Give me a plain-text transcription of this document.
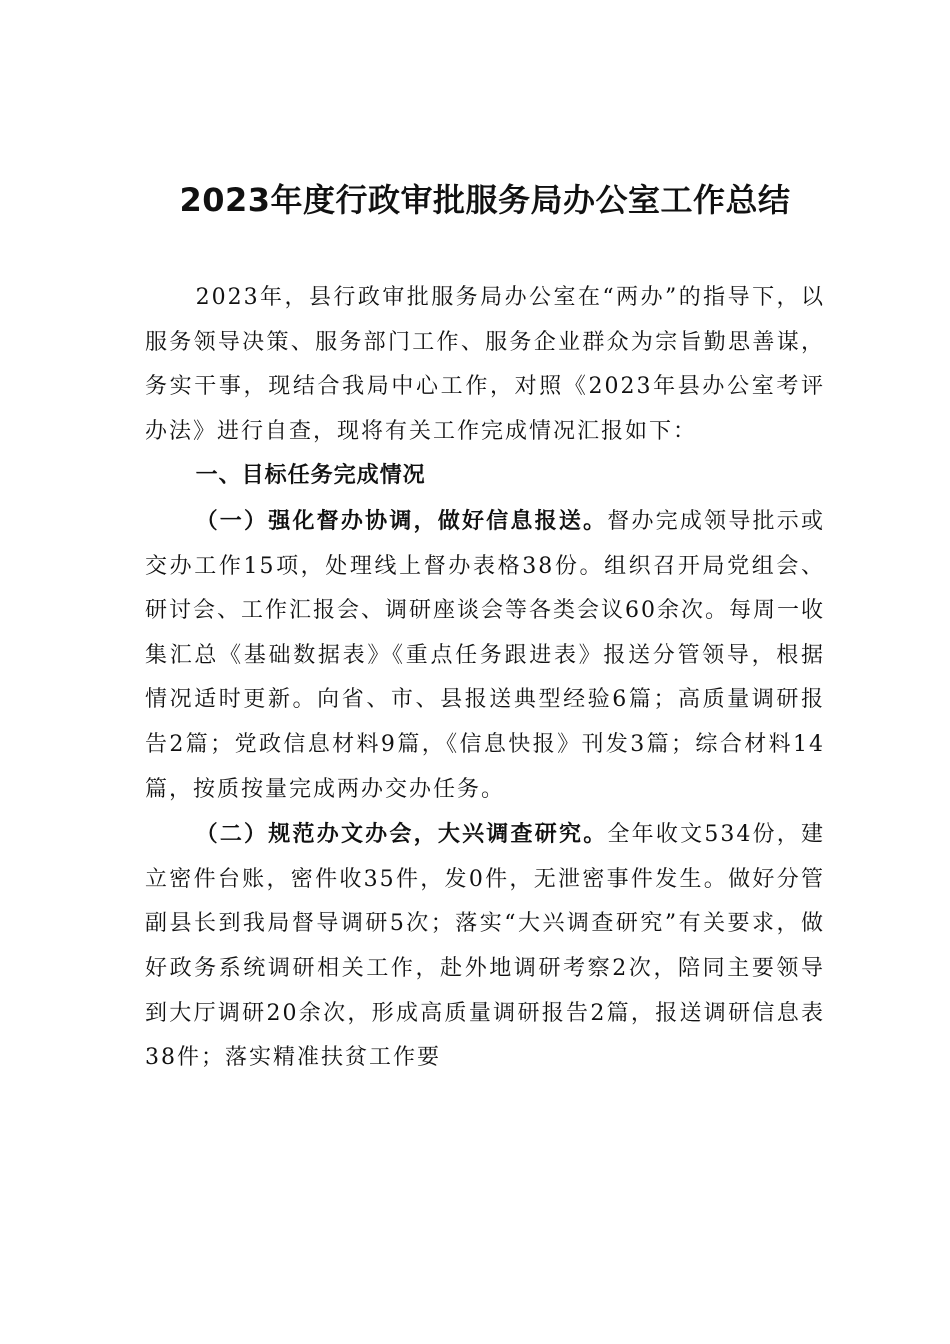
2023年度行政审批服务局办公室工作总结

2023年，县行政审批服务局办公室在“两办”的指导下，以服务领导决策、服务部门工作、服务企业群众为宗旨勤思善谋，务实干事，现结合我局中心工作，对照《2023年县办公室考评办法》进行自查，现将有关工作完成情况汇报如下：

一、目标任务完成情况

（一）强化督办协调，做好信息报送。督办完成领导批示或交办工作15项，处理线上督办表格38份。组织召开局党组会、研讨会、工作汇报会、调研座谈会等各类会议60余次。每周一收集汇总《基础数据表》《重点任务跟进表》报送分管领导，根据情况适时更新。向省、市、县报送典型经验6篇；高质量调研报告2篇；党政信息材料9篇，《信息快报》刊发3篇；综合材料14篇，按质按量完成两办交办任务。

（二）规范办文办会，大兴调查研究。全年收文534份，建立密件台账，密件收35件，发0件，无泄密事件发生。做好分管副县长到我局督导调研5次；落实“大兴调查研究”有关要求，做好政务系统调研相关工作，赴外地调研考察2次，陪同主要领导到大厅调研20余次，形成高质量调研报告2篇，报送调研信息表38件；落实精准扶贫工作要
